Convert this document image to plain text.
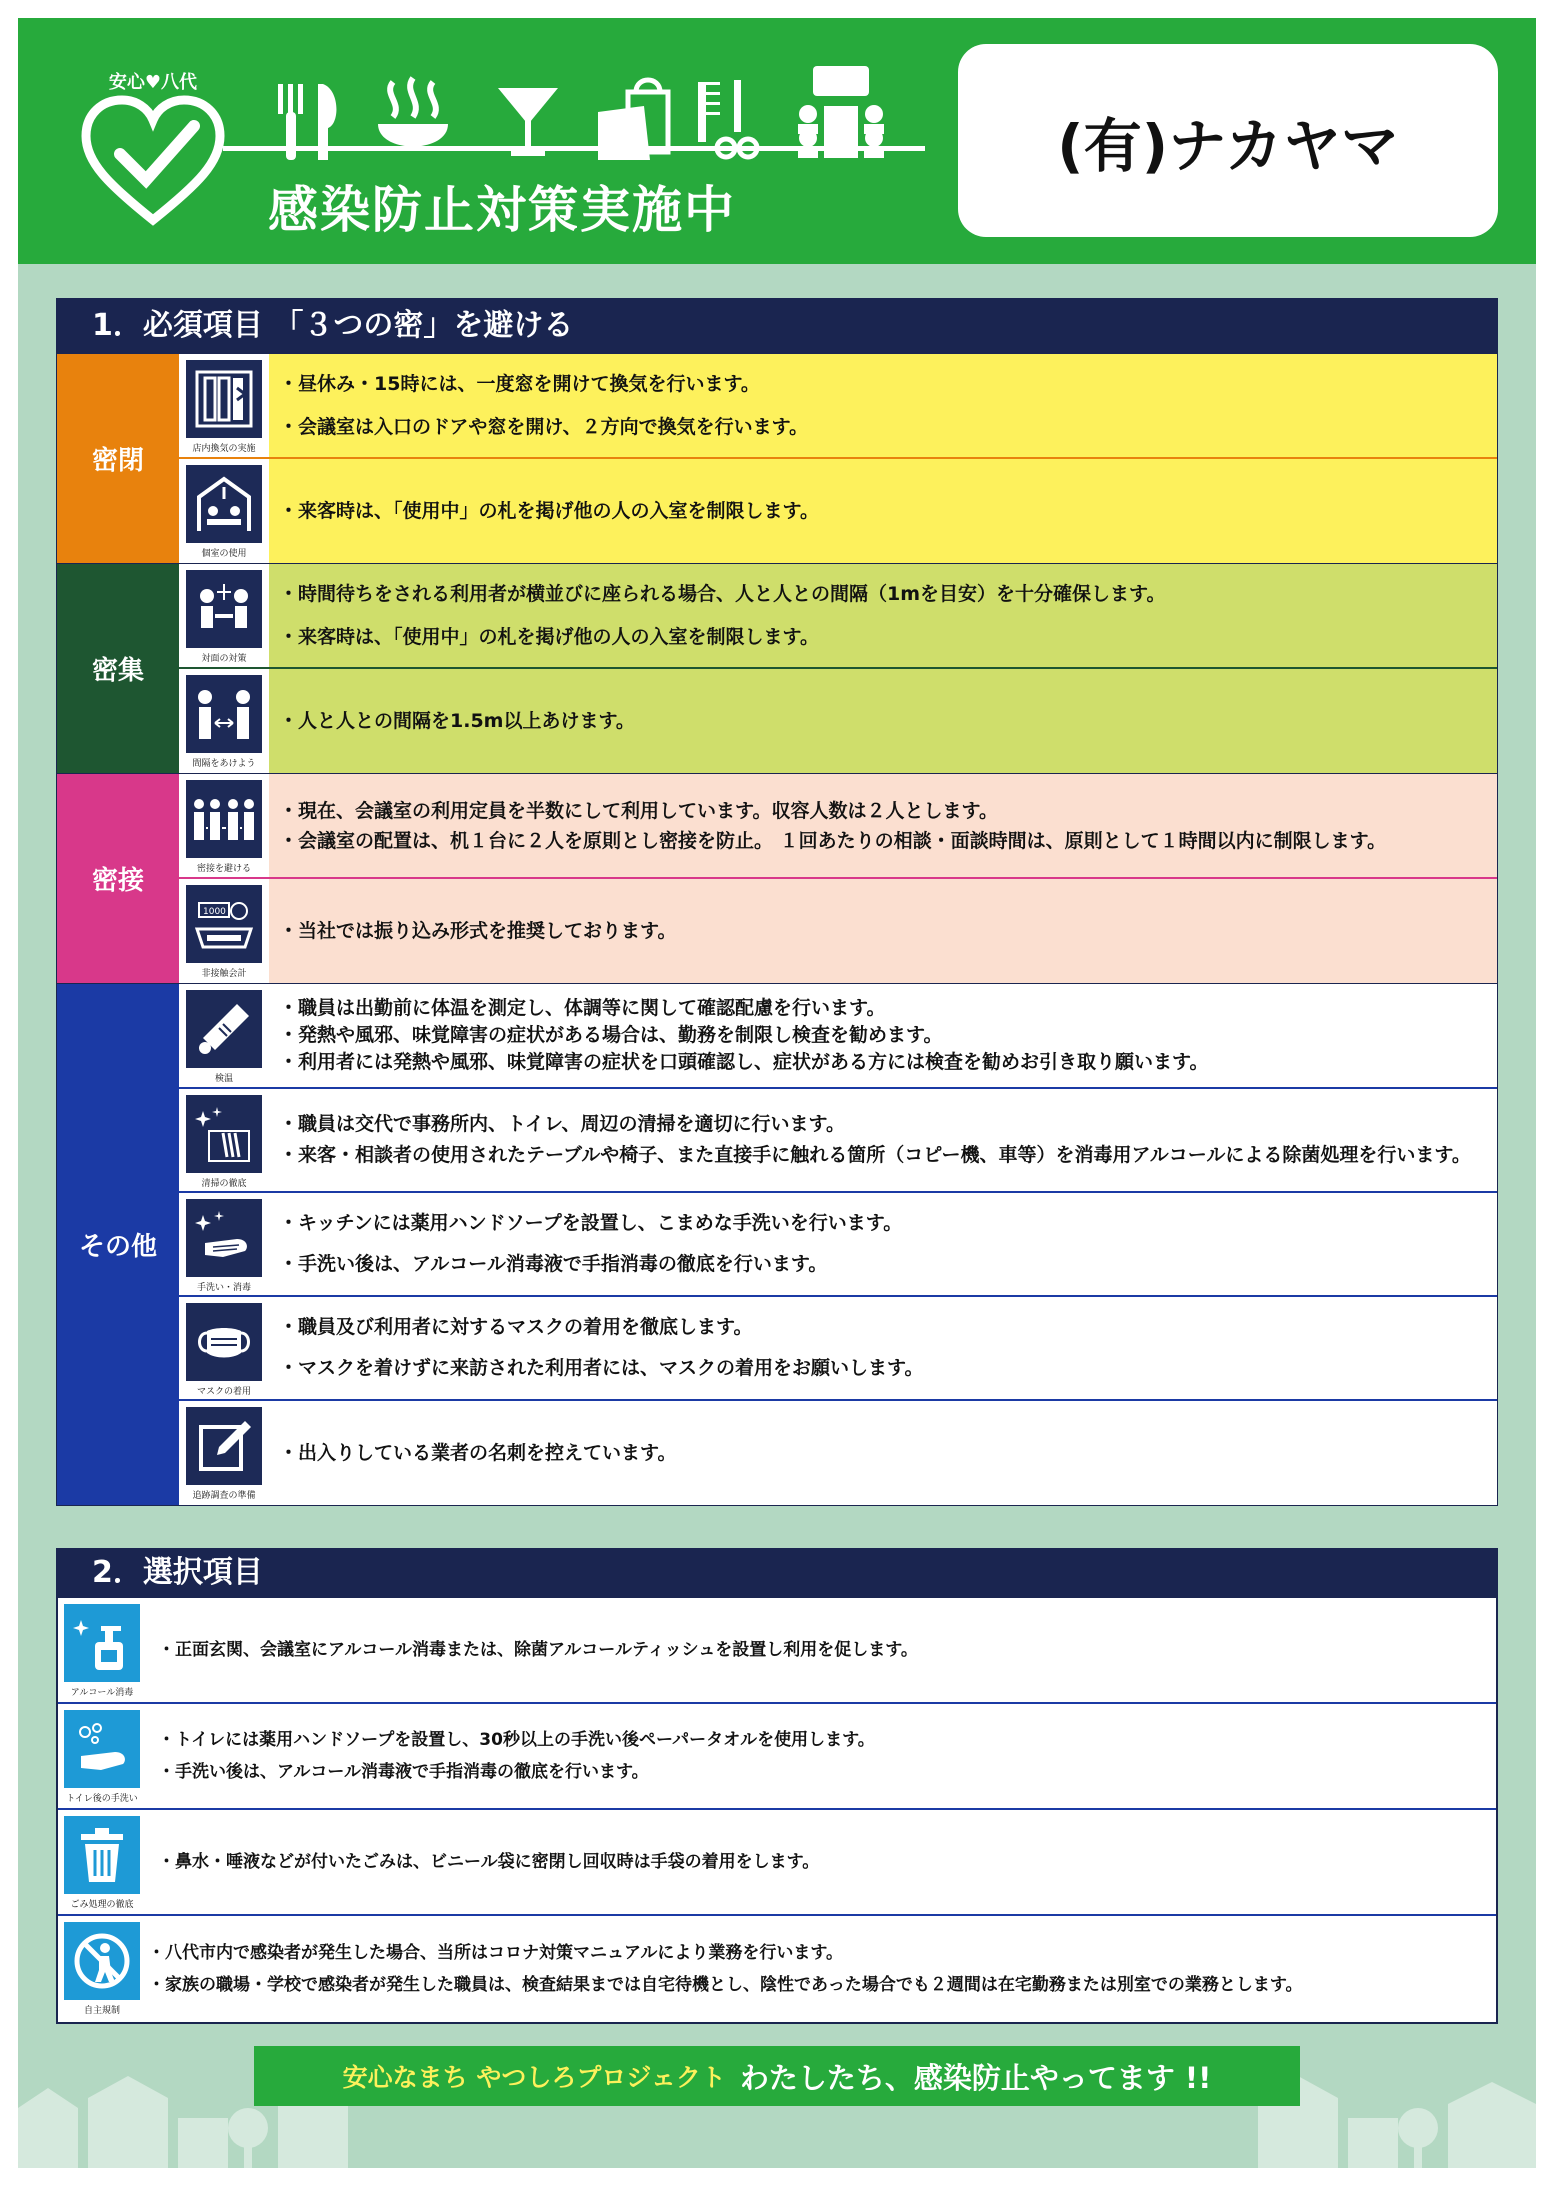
安心♥八代
感染防止対策実施中
(有)ナカヤマ
1．必須項目 「３つの密」を避ける
密閉	店内換気の実施

・昼休み・15時には、一度窓を開けて換気を行います。

・会議室は入口のドアや窓を開け、２方向で換気を行います。

個室の使用

・来客時は、「使用中」の札を掲げ他の人の入室を制限します。

密集	対面の対策

・時間待ちをされる利用者が横並びに座られる場合、人と人との間隔（1mを目安）を十分確保します。

・来客時は、「使用中」の札を掲げ他の人の入室を制限します。

間隔をあけよう

・人と人との間隔を1.5m以上あけます。

密接	密接を避ける

・現在、会議室の利用定員を半数にして利用しています。収容人数は２人とします。

・会議室の配置は、机１台に２人を原則とし密接を防止。 １回あたりの相談・面談時間は、原則として１時間以内に制限します。

1000
非接触会計

・当社では振り込み形式を推奨しております。

その他
検温

・職員は出勤前に体温を測定し、体調等に関して確認配慮を行います。

・発熱や風邪、味覚障害の症状がある場合は、勤務を制限し検査を勧めます。

・利用者には発熱や風邪、味覚障害の症状を口頭確認し、症状がある方には検査を勧めお引き取り願います。

清掃の徹底

・職員は交代で事務所内、トイレ、周辺の清掃を適切に行います。

・来客・相談者の使用されたテーブルや椅子、また直接手に触れる箇所（コピー機、車等）を消毒用アルコールによる除菌処理を行います。

手洗い・消毒

・キッチンには薬用ハンドソープを設置し、こまめな手洗いを行います。

・手洗い後は、アルコール消毒液で手指消毒の徹底を行います。

マスクの着用

・職員及び利用者に対するマスクの着用を徹底します。

・マスクを着けずに来訪された利用者には、マスクの着用をお願いします。

追跡調査の準備

・出入りしている業者の名刺を控えています。

2．選択項目
アルコール消毒

・正面玄関、会議室にアルコール消毒または、除菌アルコールティッシュを設置し利用を促します。

トイレ後の手洗い

・トイレには薬用ハンドソープを設置し、30秒以上の手洗い後ペーパータオルを使用します。

・手洗い後は、アルコール消毒液で手指消毒の徹底を行います。

ごみ処理の徹底

・鼻水・唾液などが付いたごみは、ビニール袋に密閉し回収時は手袋の着用をします。

自主規制

・八代市内で感染者が発生した場合、当所はコロナ対策マニュアルにより業務を行います。

・家族の職場・学校で感染者が発生した職員は、検査結果までは自宅待機とし、陰性であった場合でも２週間は在宅勤務または別室での業務とします。

安心なまち やつしろプロジェクト わたしたち、感染防止やってます !!
